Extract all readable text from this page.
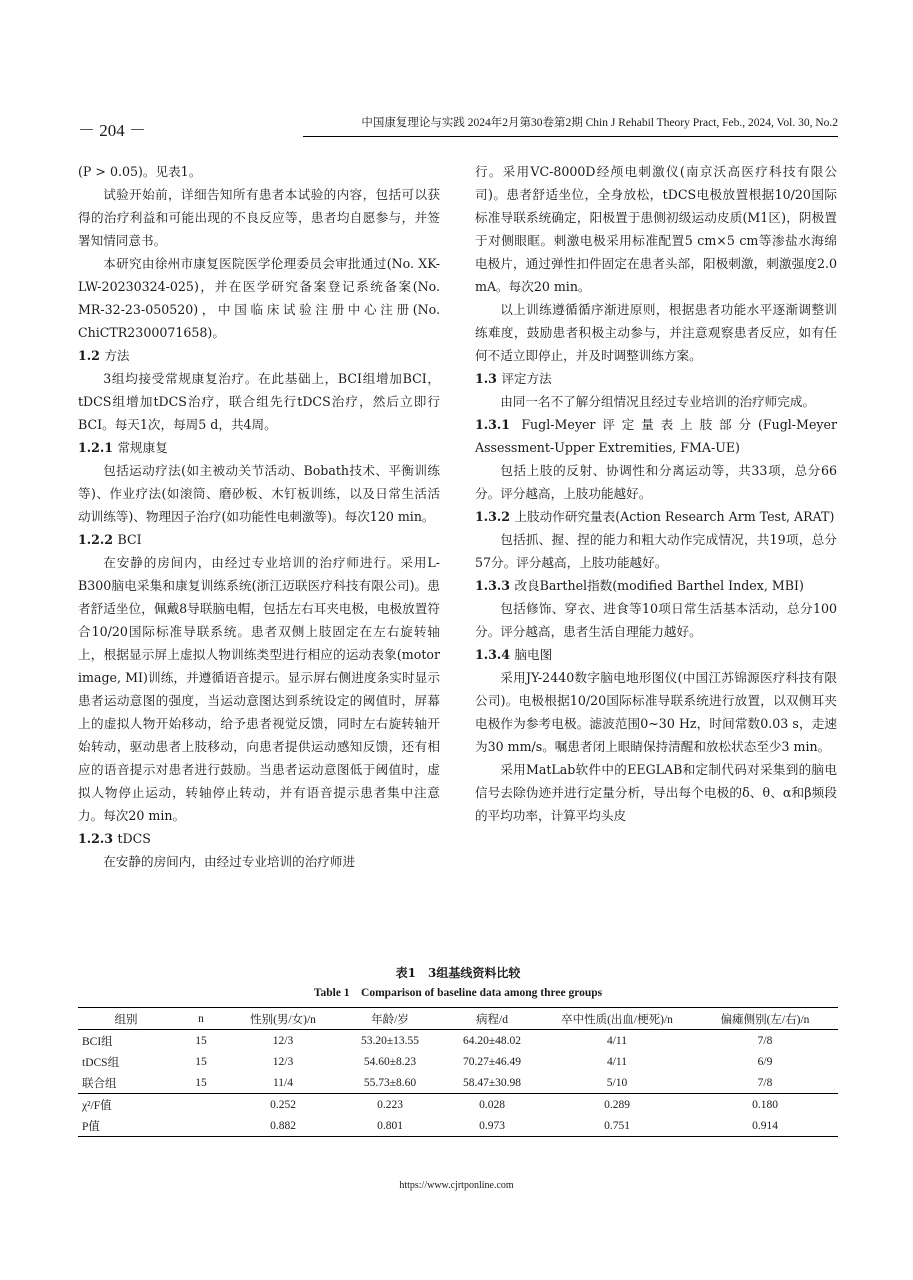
－ 204 －	中国康复理论与实践 2024年2月第30卷第2期 Chin J Rehabil Theory Pract, Feb., 2024, Vol. 30, No.2

(P > 0.05)。见表1。

试验开始前，详细告知所有患者本试验的内容，包括可以获得的治疗利益和可能出现的不良反应等，患者均自愿参与，并签署知情同意书。

本研究由徐州市康复医院医学伦理委员会审批通过(No. XK-LW-20230324-025)，并在医学研究备案登记系统备案(No. MR-32-23-050520)，中国临床试验注册中心注册(No. ChiCTR2300071658)。

1.2 方法

3组均接受常规康复治疗。在此基础上，BCI组增加BCI，tDCS组增加tDCS治疗，联合组先行tDCS治疗，然后立即行BCI。每天1次，每周5 d，共4周。

1.2.1 常规康复

包括运动疗法(如主被动关节活动、Bobath技术、平衡训练等)、作业疗法(如滚筒、磨砂板、木钉板训练，以及日常生活活动训练等)、物理因子治疗(如功能性电刺激等)。每次120 min。

1.2.2 BCI

在安静的房间内，由经过专业培训的治疗师进行。采用L-B300脑电采集和康复训练系统(浙江迈联医疗科技有限公司)。患者舒适坐位，佩戴8导联脑电帽，包括左右耳夹电极，电极放置符合10/20国际标准导联系统。患者双侧上肢固定在左右旋转轴上，根据显示屏上虚拟人物训练类型进行相应的运动表象(motor image, MI)训练，并遵循语音提示。显示屏右侧进度条实时显示患者运动意图的强度，当运动意图达到系统设定的阈值时，屏幕上的虚拟人物开始移动，给予患者视觉反馈，同时左右旋转轴开始转动，驱动患者上肢移动，向患者提供运动感知反馈，还有相应的语音提示对患者进行鼓励。当患者运动意图低于阈值时，虚拟人物停止运动，转轴停止转动，并有语音提示患者集中注意力。每次20 min。

1.2.3 tDCS

在安静的房间内，由经过专业培训的治疗师进

行。采用VC-8000D经颅电刺激仪(南京沃高医疗科技有限公司)。患者舒适坐位，全身放松，tDCS电极放置根据10/20国际标准导联系统确定，阳极置于患侧初级运动皮质(M1区)，阴极置于对侧眼眶。刺激电极采用标准配置5 cm×5 cm等渗盐水海绵电极片，通过弹性扣件固定在患者头部，阳极刺激，刺激强度2.0 mA。每次20 min。

以上训练遵循循序渐进原则，根据患者功能水平逐渐调整训练难度，鼓励患者积极主动参与，并注意观察患者反应，如有任何不适立即停止，并及时调整训练方案。

1.3 评定方法

由同一名不了解分组情况且经过专业培训的治疗师完成。

1.3.1 Fugl-Meyer评定量表上肢部分(Fugl-Meyer Assessment-Upper Extremities, FMA-UE)

包括上肢的反射、协调性和分离运动等，共33项，总分66分。评分越高，上肢功能越好。

1.3.2 上肢动作研究量表(Action Research Arm Test, ARAT)

包括抓、握、捏的能力和粗大动作完成情况，共19项，总分57分。评分越高，上肢功能越好。

1.3.3 改良Barthel指数(modified Barthel Index, MBI)

包括修饰、穿衣、进食等10项日常生活基本活动，总分100分。评分越高，患者生活自理能力越好。

1.3.4 脑电图

采用JY-2440数字脑电地形图仪(中国江苏锦源医疗科技有限公司)。电极根据10/20国际标准导联系统进行放置，以双侧耳夹电极作为参考电极。滤波范围0~30 Hz，时间常数0.03 s，走速为30 mm/s。嘱患者闭上眼睛保持清醒和放松状态至少3 min。

采用MatLab软件中的EEGLAB和定制代码对采集到的脑电信号去除伪迹并进行定量分析，导出每个电极的δ、θ、α和β频段的平均功率，计算平均头皮

表1　3组基线资料比较
Table 1　Comparison of baseline data among three groups
组别	n	性别(男/女)/n	年龄/岁	病程/d	卒中性质(出血/梗死)/n	偏瘫侧别(左/右)/n
BCI组	15	12/3	53.20±13.55	64.20±48.02	4/11	7/8
tDCS组	15	12/3	54.60±8.23	70.27±46.49	4/11	6/9
联合组	15	11/4	55.73±8.60	58.47±30.98	5/10	7/8
χ²/F值		0.252	0.223	0.028	0.289	0.180
P值		0.882	0.801	0.973	0.751	0.914
https://www.cjrtponline.com
